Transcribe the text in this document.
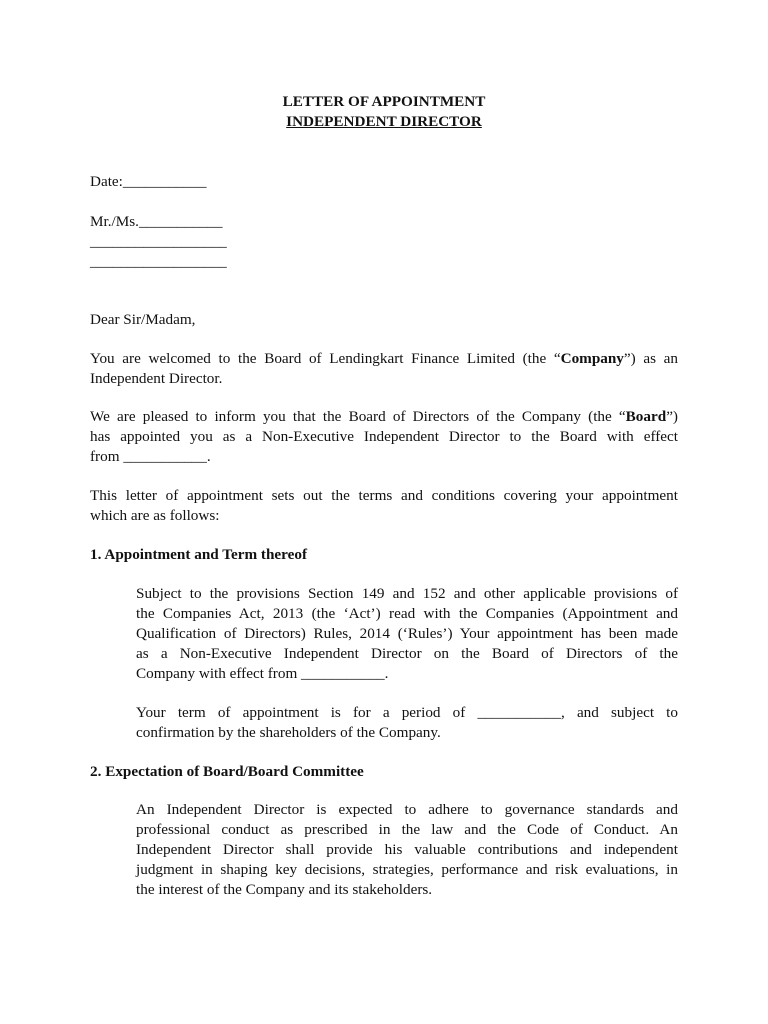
LETTER OF APPOINTMENT
INDEPENDENT DIRECTOR
Date:___________
Mr./Ms.___________
__________________
__________________
Dear Sir/Madam,
You are welcomed to the Board of Lendingkart Finance Limited (the “Company”) as an
Independent Director.
We are pleased to inform you that the Board of Directors of the Company (the “Board”)
has appointed you as a Non-Executive Independent Director to the Board with effect
from ___________.
This letter of appointment sets out the terms and conditions covering your appointment
which are as follows:
1. Appointment and Term thereof
Subject to the provisions Section 149 and 152 and other applicable provisions of
the Companies Act, 2013 (the ‘Act’) read with the Companies (Appointment and
Qualification of Directors) Rules, 2014 (‘Rules’) Your appointment has been made
as a Non-Executive Independent Director on the Board of Directors of the
Company with effect from ___________.
Your term of appointment is for a period of ___________, and subject to
confirmation by the shareholders of the Company.
2. Expectation of Board/Board Committee
An Independent Director is expected to adhere to governance standards and
professional conduct as prescribed in the law and the Code of Conduct. An
Independent Director shall provide his valuable contributions and independent
judgment in shaping key decisions, strategies, performance and risk evaluations, in
the interest of the Company and its stakeholders.
